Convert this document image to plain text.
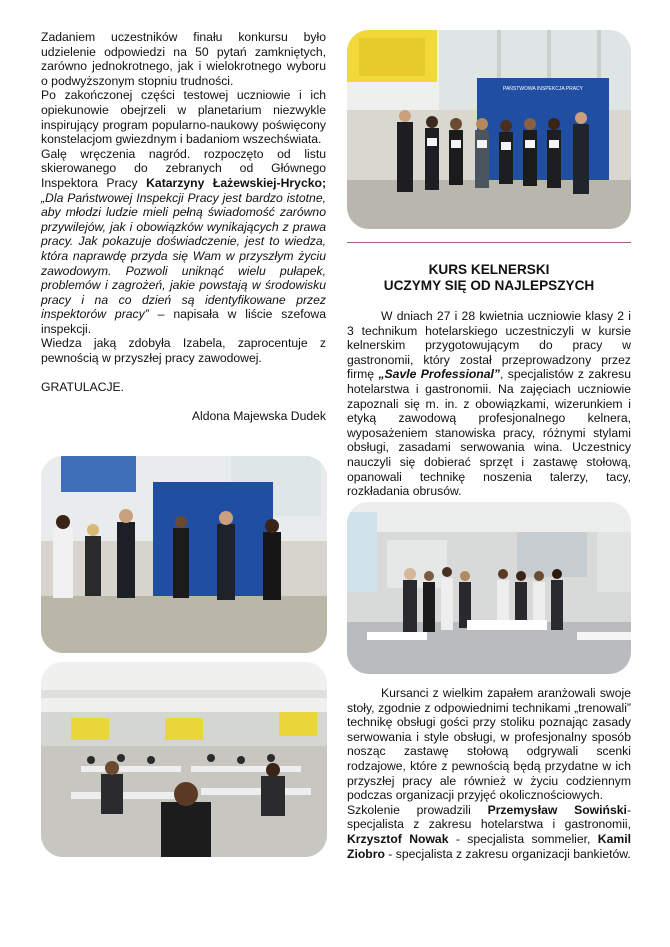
Zadaniem uczestników finału konkursu było udzielenie odpowiedzi na 50 pytań zamkniętych, zarówno jednokrotnego, jak i wielokrotnego wyboru o podwyższonym stopniu trudności.

Po zakończonej części testowej uczniowie i ich opiekunowie obejrzeli w planetarium niezwykle inspirujący program popularno-naukowy poświęcony konstelacjom gwiezdnym i badaniom wszechświata.

Galę wręczenia nagród. rozpoczęto od listu skierowanego do zebranych od Głównego Inspektora Pracy Katarzyny Łażewskiej-Hrycko; „Dla Państwowej Inspekcji Pracy jest bardzo istotne, aby młodzi ludzie mieli pełną świadomość zarówno przywilejów, jak i obowiązków wynikających z prawa pracy. Jak pokazuje doświadczenie, jest to wiedza, która naprawdę przyda się Wam w przyszłym życiu zawodowym. Pozwoli uniknąć wielu pułapek, problemów i zagrożeń, jakie powstają w środowisku pracy i na co dzień są identyfikowane przez inspektorów pracy” – napisała w liście szefowa inspekcji.

Wiedza jaką zdobyła Izabela, zaprocentuje z pewnością w przyszłej pracy zawodowej.

GRATULACJE.

Aldona Majewska Dudek

PAŃSTWOWA INSPEKCJA PRACY
KURS KELNERSKI
UCZYMY SIĘ OD NAJLEPSZYCH

W dniach 27 i 28 kwietnia uczniowie klasy 2 i 3 technikum hotelarskiego uczestniczyli w kursie kelnerskim przygotowującym do pracy w gastronomii, który został przeprowadzony przez firmę „Savle Professional”, specjalistów z zakresu hotelarstwa i gastronomii. Na zajęciach uczniowie zapoznali się m. in. z obowiązkami, wizerunkiem i etyką zawodową profesjonalnego kelnera, wyposażeniem stanowiska pracy, różnymi stylami obsługi, zasadami serwowania wina. Uczestnicy nauczyli się dobierać sprzęt i zastawę stołową, opanowali technikę noszenia talerzy, tacy, rozkładania obrusów.

Kursanci z wielkim zapałem aranżowali swoje stoły, zgodnie z odpowiednimi technikami „trenowali” technikę obsługi gości przy stoliku poznając zasady serwowania i style obsługi, w profesjonalny sposób nosząc zastawę stołową odgrywali scenki rodzajowe, które z pewnością będą przydatne w ich przyszłej pracy ale również w życiu codziennym podczas organizacji przyjęć okolicznościowych.

Szkolenie prowadzili Przemysław Sowiński-specjalista z zakresu hotelarstwa i gastronomii, Krzysztof Nowak - specjalista sommelier, Kamil Ziobro - specjalista z zakresu organizacji bankietów.
